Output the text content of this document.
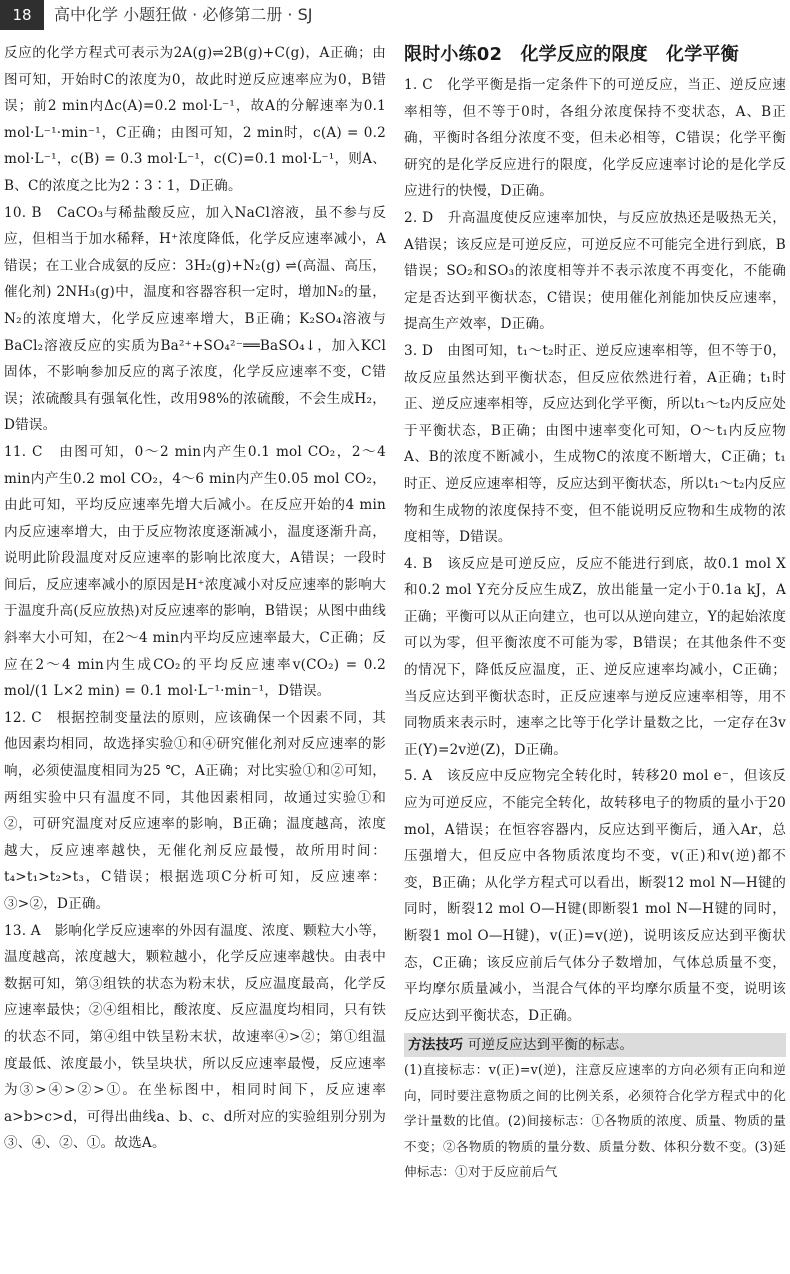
18	高中化学 小题狂做 · 必修第二册 · SJ

反应的化学方程式可表示为2A(g)⇌2B(g)+C(g)，A正确；由图可知，开始时C的浓度为0，故此时逆反应速率应为0，B错误；前2 min内Δc(A)=0.2 mol·L⁻¹，故A的分解速率为0.1 mol·L⁻¹·min⁻¹，C正确；由图可知，2 min时，c(A) = 0.2 mol·L⁻¹，c(B) = 0.3 mol·L⁻¹，c(C)=0.1 mol·L⁻¹，则A、B、C的浓度之比为2∶3∶1，D正确。

10. B　CaCO₃与稀盐酸反应，加入NaCl溶液，虽不参与反应，但相当于加水稀释，H⁺浓度降低，化学反应速率减小，A错误；在工业合成氨的反应：3H₂(g)+N₂(g) ⇌(高温、高压，催化剂) 2NH₃(g)中，温度和容器容积一定时，增加N₂的量，N₂的浓度增大，化学反应速率增大，B正确；K₂SO₄溶液与BaCl₂溶液反应的实质为Ba²⁺+SO₄²⁻══BaSO₄↓，加入KCl固体，不影响参加反应的离子浓度，化学反应速率不变，C错误；浓硫酸具有强氧化性，改用98%的浓硫酸，不会生成H₂，D错误。

11. C　由图可知，0～2 min内产生0.1 mol CO₂，2～4 min内产生0.2 mol CO₂，4～6 min内产生0.05 mol CO₂，由此可知，平均反应速率先增大后减小。在反应开始的4 min内反应速率增大，由于反应物浓度逐渐减小，温度逐渐升高，说明此阶段温度对反应速率的影响比浓度大，A错误；一段时间后，反应速率减小的原因是H⁺浓度减小对反应速率的影响大于温度升高(反应放热)对反应速率的影响，B错误；从图中曲线斜率大小可知，在2～4 min内平均反应速率最大，C正确；反应在2～4 min内生成CO₂的平均反应速率v(CO₂) = 0.2 mol/(1 L×2 min) = 0.1 mol·L⁻¹·min⁻¹，D错误。

12. C　根据控制变量法的原则，应该确保一个因素不同，其他因素均相同，故选择实验①和④研究催化剂对反应速率的影响，必须使温度相同为25 ℃，A正确；对比实验①和②可知，两组实验中只有温度不同，其他因素相同，故通过实验①和②，可研究温度对反应速率的影响，B正确；温度越高，浓度越大，反应速率越快，无催化剂反应最慢，故所用时间：t₄>t₁>t₂>t₃，C错误；根据选项C分析可知，反应速率：③>②，D正确。

13. A　影响化学反应速率的外因有温度、浓度、颗粒大小等，温度越高，浓度越大，颗粒越小，化学反应速率越快。由表中数据可知，第③组铁的状态为粉末状，反应温度最高，化学反应速率最快；②④组相比，酸浓度、反应温度均相同，只有铁的状态不同，第④组中铁呈粉末状，故速率④>②；第①组温度最低、浓度最小，铁呈块状，所以反应速率最慢，反应速率为③>④>②>①。在坐标图中，相同时间下，反应速率a>b>c>d，可得出曲线a、b、c、d所对应的实验组别分别为③、④、②、①。故选A。

限时小练02　化学反应的限度　化学平衡

1. C　化学平衡是指一定条件下的可逆反应，当正、逆反应速率相等，但不等于0时，各组分浓度保持不变状态，A、B正确，平衡时各组分浓度不变，但未必相等，C错误；化学平衡研究的是化学反应进行的限度，化学反应速率讨论的是化学反应进行的快慢，D正确。

2. D　升高温度使反应速率加快，与反应放热还是吸热无关，A错误；该反应是可逆反应，可逆反应不可能完全进行到底，B错误；SO₂和SO₃的浓度相等并不表示浓度不再变化，不能确定是否达到平衡状态，C错误；使用催化剂能加快反应速率，提高生产效率，D正确。

3. D　由图可知，t₁～t₂时正、逆反应速率相等，但不等于0，故反应虽然达到平衡状态，但反应依然进行着，A正确；t₁时正、逆反应速率相等，反应达到化学平衡，所以t₁～t₂内反应处于平衡状态，B正确；由图中速率变化可知，O～t₁内反应物A、B的浓度不断减小，生成物C的浓度不断增大，C正确；t₁时正、逆反应速率相等，反应达到平衡状态，所以t₁～t₂内反应物和生成物的浓度保持不变，但不能说明反应物和生成物的浓度相等，D错误。

4. B　该反应是可逆反应，反应不能进行到底，故0.1 mol X和0.2 mol Y充分反应生成Z，放出能量一定小于0.1a kJ，A正确；平衡可以从正向建立，也可以从逆向建立，Y的起始浓度可以为零，但平衡浓度不可能为零，B错误；在其他条件不变的情况下，降低反应温度，正、逆反应速率均减小，C正确；当反应达到平衡状态时，正反应速率与逆反应速率相等，用不同物质来表示时，速率之比等于化学计量数之比，一定存在3v正(Y)=2v逆(Z)，D正确。

5. A　该反应中反应物完全转化时，转移20 mol e⁻，但该反应为可逆反应，不能完全转化，故转移电子的物质的量小于20 mol，A错误；在恒容容器内，反应达到平衡后，通入Ar，总压强增大，但反应中各物质浓度均不变，v(正)和v(逆)都不变，B正确；从化学方程式可以看出，断裂12 mol N—H键的同时，断裂12 mol O—H键(即断裂1 mol N—H键的同时，断裂1 mol O—H键)，v(正)=v(逆)，说明该反应达到平衡状态，C正确；该反应前后气体分子数增加，气体总质量不变，平均摩尔质量减小，当混合气体的平均摩尔质量不变，说明该反应达到平衡状态，D正确。

方法技巧 可逆反应达到平衡的标志。

(1)直接标志：v(正)=v(逆)，注意反应速率的方向必须有正向和逆向，同时要注意物质之间的比例关系，必须符合化学方程式中的化学计量数的比值。(2)间接标志：①各物质的浓度、质量、物质的量不变；②各物质的物质的量分数、质量分数、体积分数不变。(3)延伸标志：①对于反应前后气
